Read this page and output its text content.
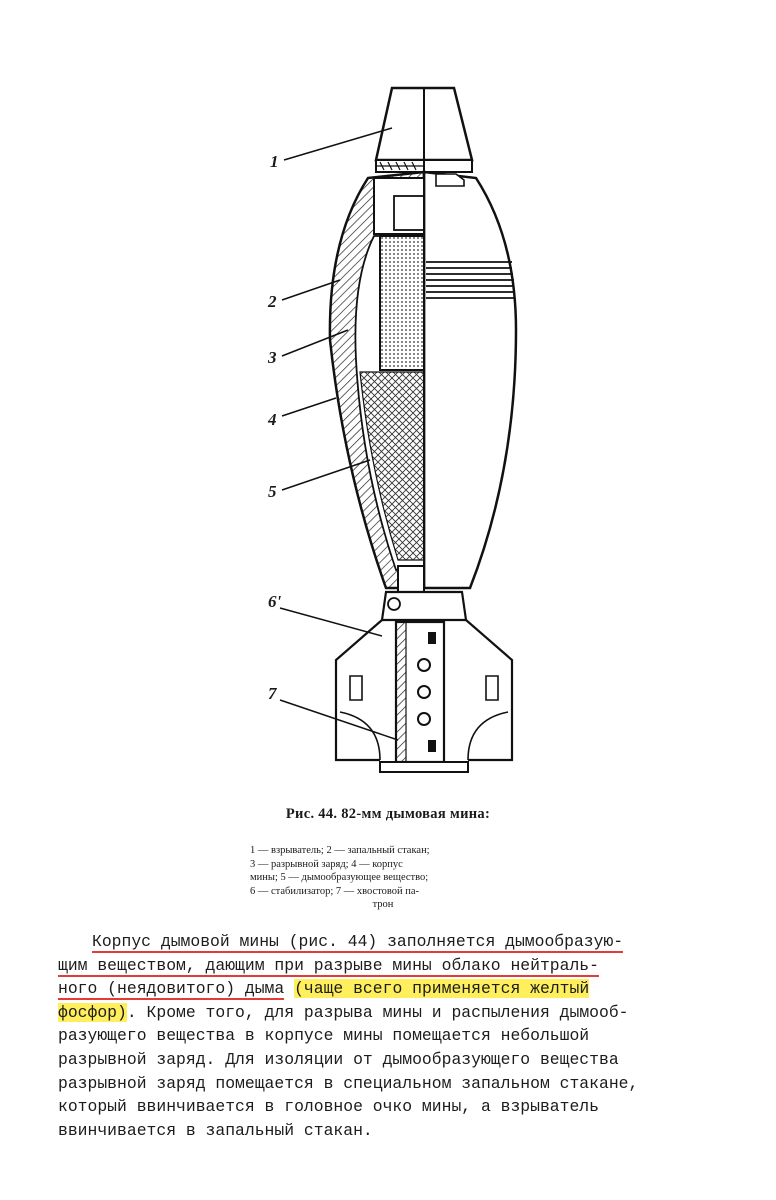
1
2
3
4
5
6'
7
Рис. 44. 82-мм дымовая мина:
1 — взрыватель; 2 — запальный стакан;
3 — разрывной заряд; 4 — корпус
мины; 5 — дымообразующее вещество;
6 — стабилизатор; 7 — хвостовой па-
трон
Корпус дымовой мины (рис. 44) заполняется дымообразую-
щим веществом, дающим при разрыве мины облако нейтраль-
ного (неядовитого) дыма (чаще всего применяется желтый
фосфор). Кроме того, для разрыва мины и распыления дымооб-
разующего вещества в корпусе мины помещается небольшой
разрывной заряд. Для изоляции от дымообразующего вещества
разрывной заряд помещается в специальном запальном стакане,
который ввинчивается в головное очко мины, а взрыватель
ввинчивается в запальный стакан.
